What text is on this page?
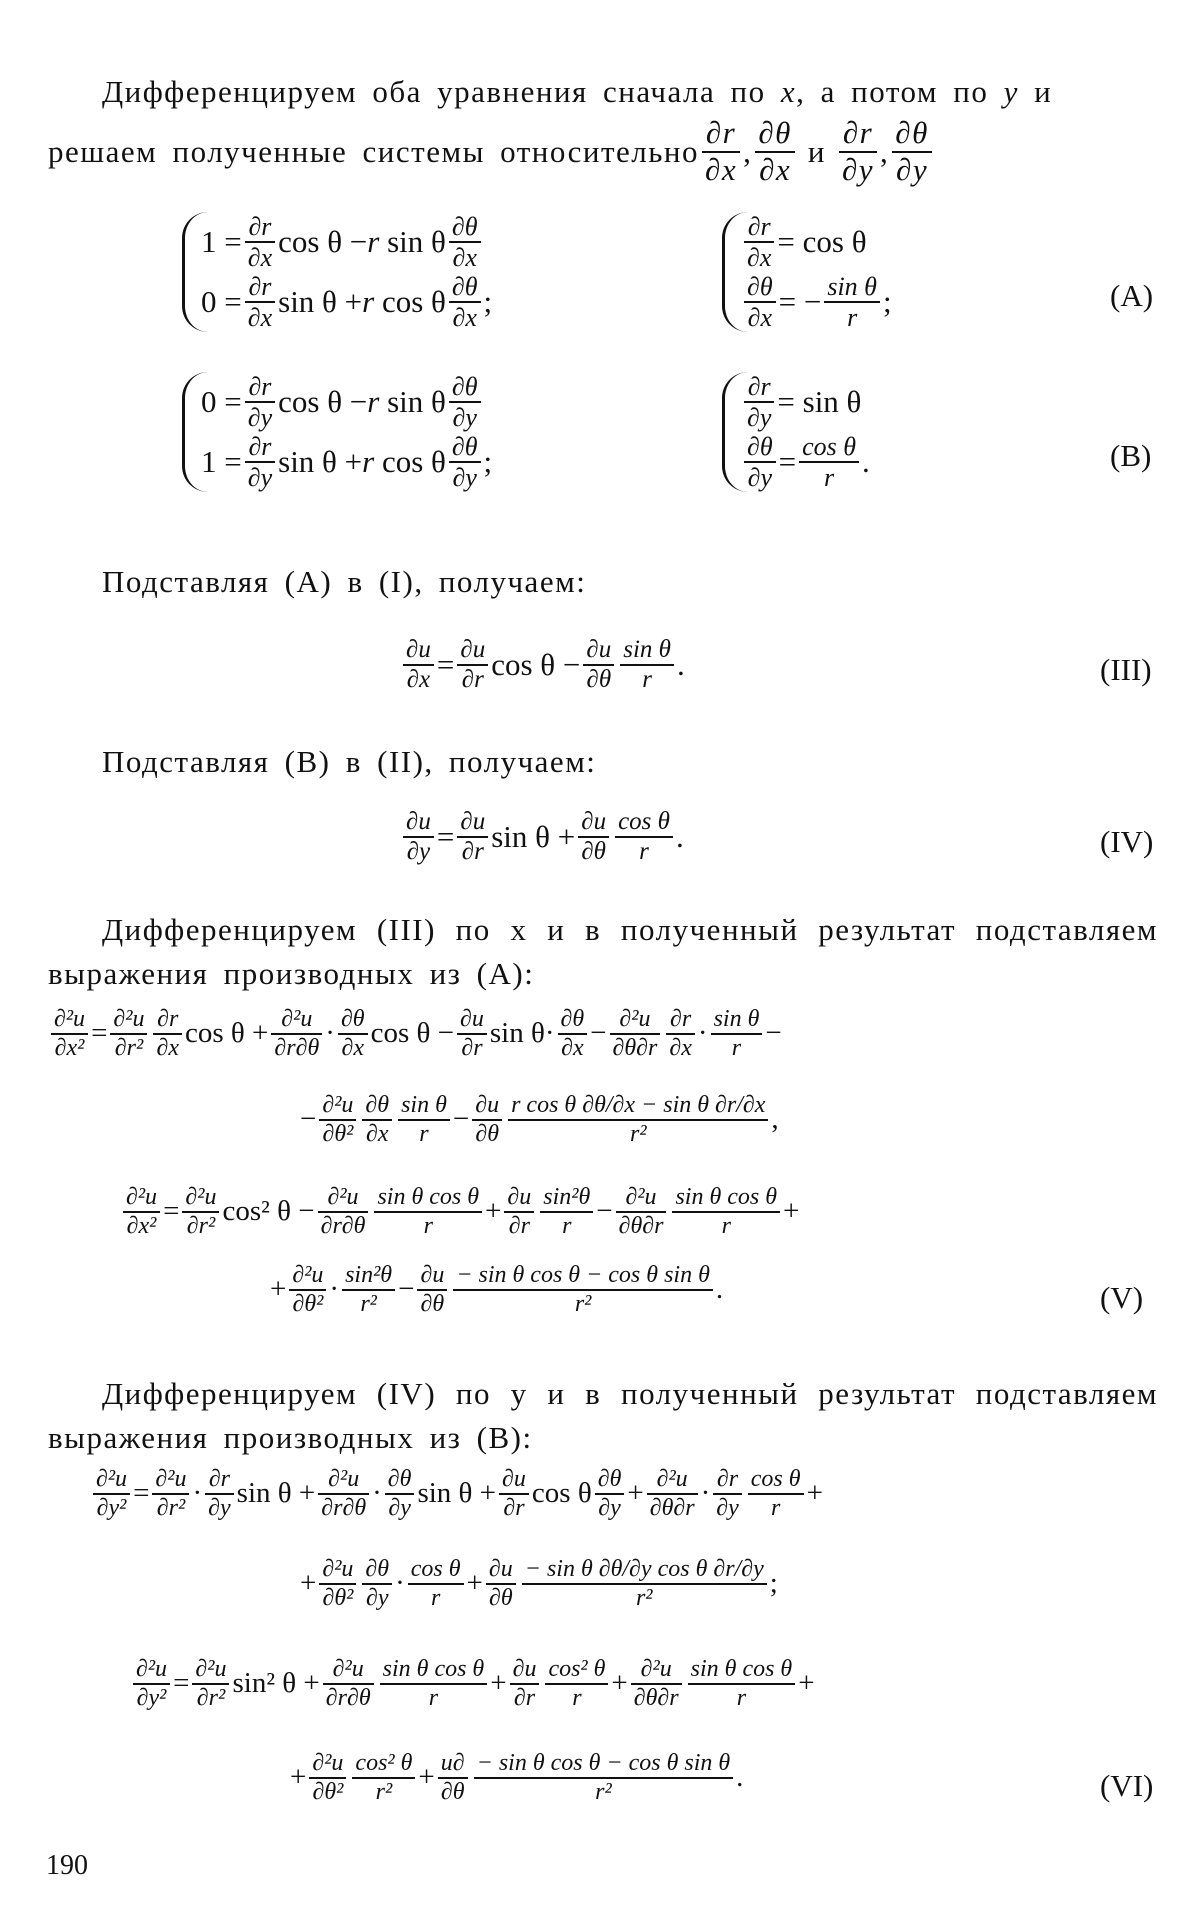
Дифференцируем оба уравнения сначала по x, а потом по y и
решаем полученные системы относительно $\frac{\partial r}{\partial x}$ , $\frac{\partial\theta}{\partial x}$ и $\frac{\partial r}{\partial y}$ , $\frac{\partial\theta}{\partial y}$
$1 = \frac{\partial r}{\partial x}$ cos θ − r sin θ $\frac{\partial\theta}{\partial x}$
$0 = \frac{\partial r}{\partial x}$ sin θ + r cos θ $\frac{\partial\theta}{\partial x}$ ;
$\frac{\partial r}{\partial x} = \cos \theta$
$\frac{\partial\theta}{\partial x}$ = − $\frac{\text{sin θ}}{r}$ ;	(A)
$0 = \frac{\partial r}{\partial y}$ cos θ − r sin θ $\frac{\partial\theta}{\partial y}$
$1 = \frac{\partial r}{\partial y}$ sin θ + r cos θ $\frac{\partial\theta}{\partial y}$ ;
$\frac{\partial r}{\partial y} = \sin \theta$
$\frac{\partial\theta}{\partial y} = \frac{\text{cos θ}}{r}$ .	(B)
Подставляя (A) в (I), получаем:
$\frac{\partial u}{\partial x} = \frac{\partial u}{\partial r}$ $\cos \theta - \frac{\partial u}{\partial\theta} \frac{\text{sin θ}}{r}$ .	(III)
Подставляя (B) в (II), получаем:
$\frac{\partial u}{\partial y} = \frac{\partial u}{\partial r}$ $\sin \theta + \frac{\partial u}{\partial\theta} \frac{\text{cos θ}}{r}$ .	(IV)
Дифференцируем (III) по x и в полученный результат подставляем выражения производных из (A):
$\frac{\text{∂²u}}{\text{∂x²}} = \frac{\text{∂²u}}{\text{∂r²}} \frac{\partial r}{\partial x}$ $\cos \theta + \frac{\text{∂²u}}{\partial r\partial\theta} \cdot \frac{\partial\theta}{\partial x}$ $\cos \theta - \frac{\partial u}{\partial r}$ $\sin \theta\cdot \frac{\partial\theta}{\partial x} - \frac{\text{∂²u}}{\partial\theta\partial r} \frac{\partial r}{\partial x} \cdot \frac{\text{sin θ}}{r}$ −
− $\frac{\text{∂²u}}{\text{∂θ²}} \frac{\partial\theta}{\partial x} \frac{\text{sin θ}}{r} - \frac{\partial u}{\partial\theta} \frac{\text{r cos θ ∂θ/∂x − sin θ ∂r/∂x}}{\text{r²}}$ ,
$\frac{\text{∂²u}}{\text{∂x²}} = \frac{\text{∂²u}}{\text{∂r²}} \cos^2$ $\theta - \frac{\text{∂²u}}{\partial r\partial\theta} \frac{\text{sin θ cos θ}}{r} + \frac{\partial u}{\partial r} \frac{\text{sin²θ}}{r} - \frac{\text{∂²u}}{\partial\theta\partial r} \frac{\text{sin θ cos θ}}{r}$ +
+ $\frac{\text{∂²u}}{\text{∂θ²}} \cdot \frac{\text{sin²θ}}{\text{r²}} - \frac{\partial u}{\partial\theta} \frac{\text{− sin θ cos θ − cos θ sin θ}}{\text{r²}}$ .	(V)
Дифференцируем (IV) по y и в полученный результат подставляем выражения производных из (B):
$\frac{\text{∂²u}}{\text{∂y²}} = \frac{\text{∂²u}}{\text{∂r²}} \cdot \frac{\partial r}{\partial y}$ $\sin \theta + \frac{\text{∂²u}}{\partial r\partial\theta} \cdot \frac{\partial\theta}{\partial y}$ $\sin \theta + \frac{\partial u}{\partial r}$ cos θ $\frac{\partial\theta}{\partial y} + \frac{\text{∂²u}}{\partial\theta\partial r} \cdot \frac{\partial r}{\partial y} \frac{\text{cos θ}}{r}$ +
+ $\frac{\text{∂²u}}{\text{∂θ²}} \frac{\partial\theta}{\partial y} \cdot \frac{\text{cos θ}}{r} + \frac{\partial u}{\partial\theta} \frac{\text{− sin θ ∂θ/∂y cos θ ∂r/∂y}}{\text{r²}}$ ;
$\frac{\text{∂²u}}{\text{∂y²}} = \frac{\text{∂²u}}{\text{∂r²}} \sin^2$ $\theta + \frac{\text{∂²u}}{\partial r\partial\theta} \frac{\text{sin θ cos θ}}{r} + \frac{\partial u}{\partial r} \frac{\text{cos² θ}}{r} + \frac{\text{∂²u}}{\partial\theta\partial r} \frac{\text{sin θ cos θ}}{r}$ +
+ $\frac{\text{∂²u}}{\text{∂θ²}} \frac{\text{cos² θ}}{\text{r²}} + \frac{u\partial}{\partial\theta} \frac{\text{− sin θ cos θ − cos θ sin θ}}{\text{r²}}$ .	(VI)
190
